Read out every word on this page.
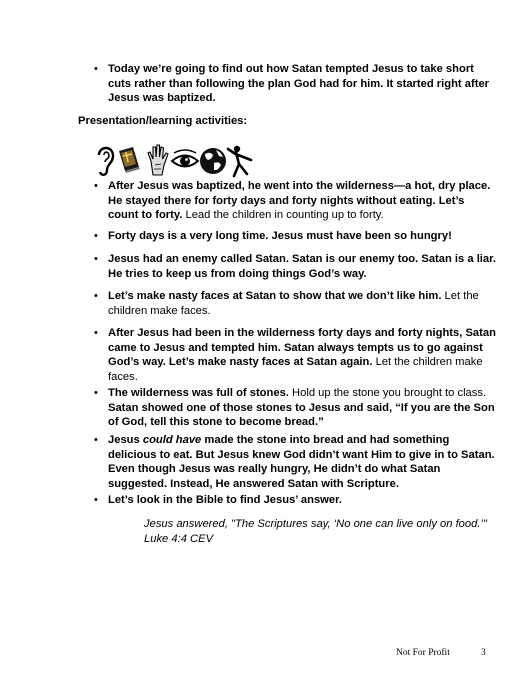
• Today we’re going to find out how Satan tempted Jesus to take short cuts rather than following the plan God had for him. It started right after Jesus was baptized.
Presentation/learning activities:
• After Jesus was baptized, he went into the wilderness—a hot, dry place. He stayed there for forty days and forty nights without eating. Let’s count to forty. Lead the children in counting up to forty.
• Forty days is a very long time. Jesus must have been so hungry!
• Jesus had an enemy called Satan. Satan is our enemy too. Satan is a liar. He tries to keep us from doing things God’s way.
• Let’s make nasty faces at Satan to show that we don’t like him. Let the children make faces.
• After Jesus had been in the wilderness forty days and forty nights, Satan came to Jesus and tempted him. Satan always tempts us to go against God’s way. Let’s make nasty faces at Satan again. Let the children make faces.
• The wilderness was full of stones. Hold up the stone you brought to class. Satan showed one of those stones to Jesus and said, “If you are the Son of God, tell this stone to become bread.”
• Jesus could have made the stone into bread and had something delicious to eat. But Jesus knew God didn’t want Him to give in to Satan. Even though Jesus was really hungry, He didn’t do what Satan suggested. Instead, He answered Satan with Scripture.
• Let’s look in the Bible to find Jesus’ answer.
Jesus answered, "The Scriptures say, ‘No one can live only on food.’"
Luke 4:4 CEV
Not For Profit	3
